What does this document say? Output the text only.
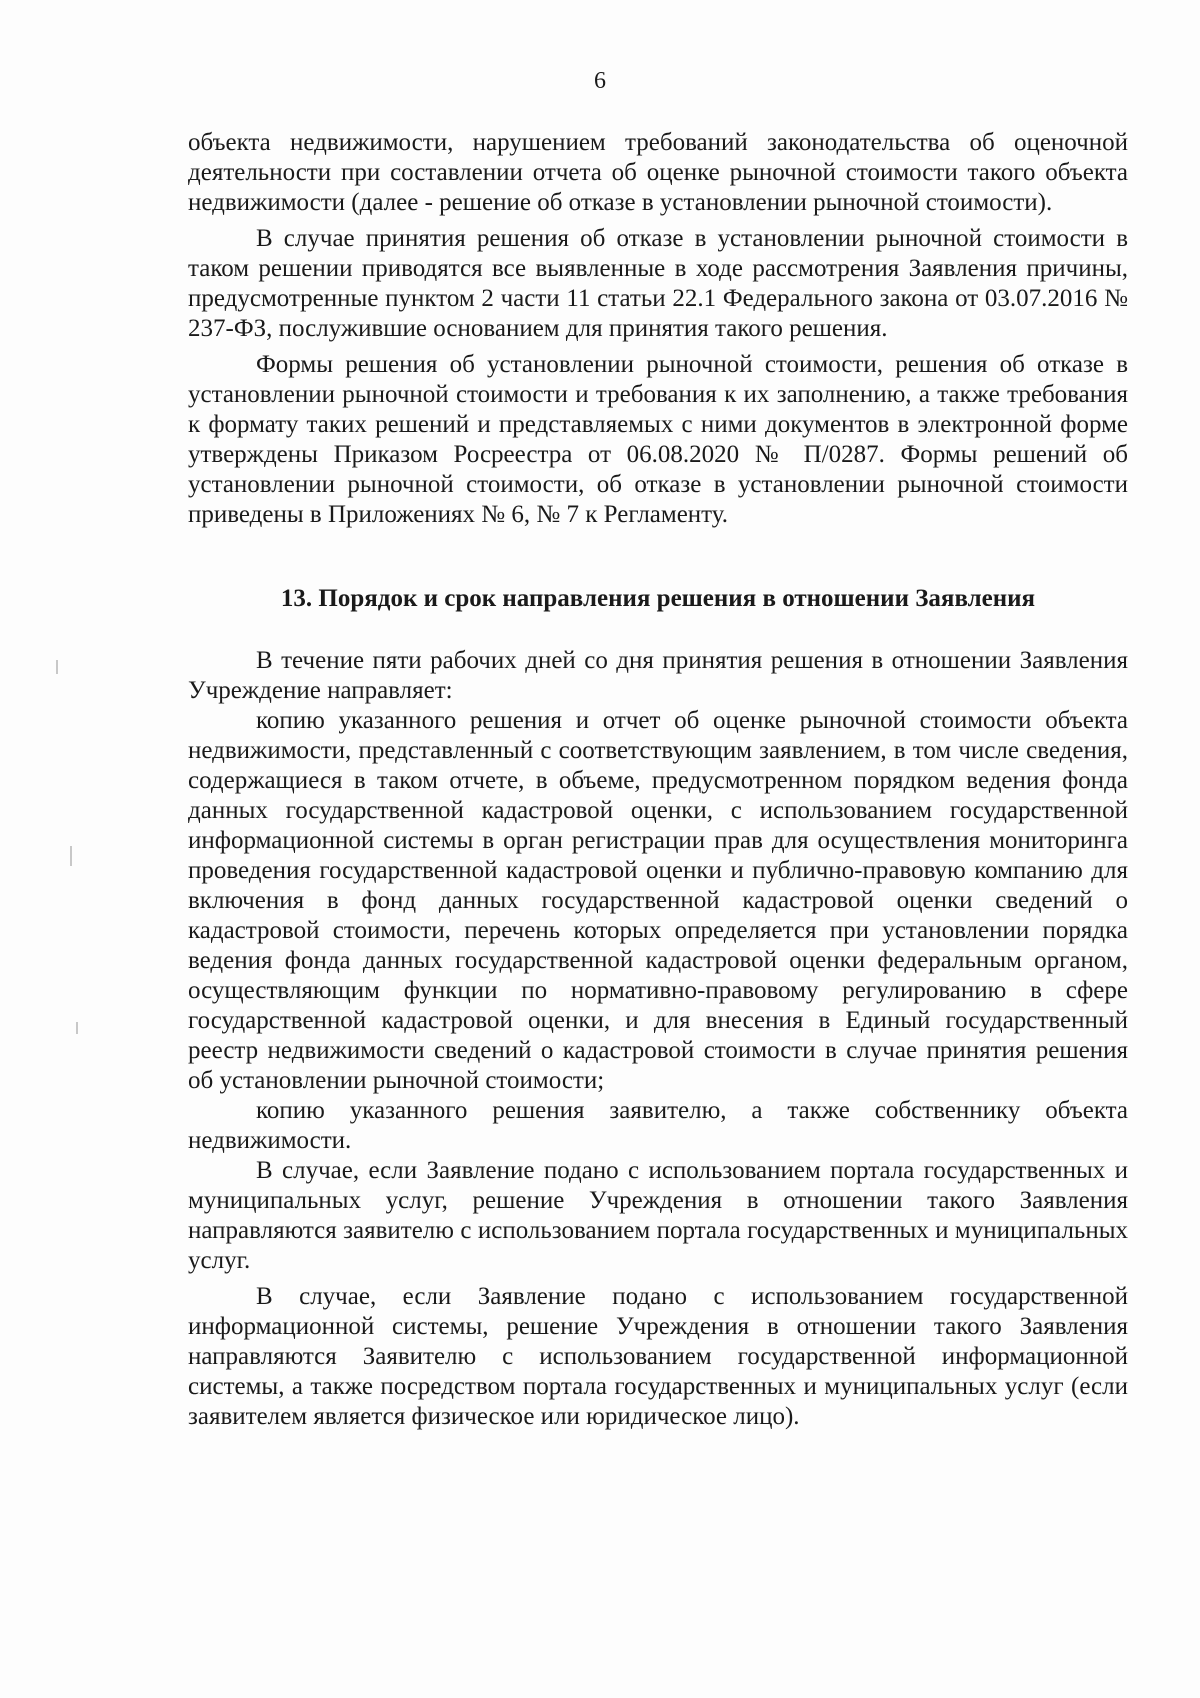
6

объекта недвижимости, нарушением требований законодательства об оценочной деятельности при составлении отчета об оценке рыночной стоимости такого объекта недвижимости (далее - решение об отказе в установлении рыночной стоимости).

В случае принятия решения об отказе в установлении рыночной стоимости в таком решении приводятся все выявленные в ходе рассмотрения Заявления причины, предусмотренные пунктом 2 части 11 статьи 22.1 Федерального закона от 03.07.2016 № 237-ФЗ, послужившие основанием для принятия такого решения.

Формы решения об установлении рыночной стоимости, решения об отказе в установлении рыночной стоимости и требования к их заполнению, а также требования к формату таких решений и представляемых с ними документов в электронной форме утверждены Приказом Росреестра от 06.08.2020 № П/0287. Формы решений об установлении рыночной стоимости, об отказе в установлении рыночной стоимости приведены в Приложениях № 6, № 7 к Регламенту.

13. Порядок и срок направления решения в отношении Заявления

В течение пяти рабочих дней со дня принятия решения в отношении Заявления Учреждение направляет:

копию указанного решения и отчет об оценке рыночной стоимости объекта недвижимости, представленный с соответствующим заявлением, в том числе сведения, содержащиеся в таком отчете, в объеме, предусмотренном порядком ведения фонда данных государственной кадастровой оценки, с использованием государственной информационной системы в орган регистрации прав для осуществления мониторинга проведения государственной кадастровой оценки и публично-правовую компанию для включения в фонд данных государственной кадастровой оценки сведений о кадастровой стоимости, перечень которых определяется при установлении порядка ведения фонда данных государственной кадастровой оценки федеральным органом, осуществляющим функции по нормативно-правовому регулированию в сфере государственной кадастровой оценки, и для внесения в Единый государственный реестр недвижимости сведений о кадастровой стоимости в случае принятия решения об установлении рыночной стоимости;

копию указанного решения заявителю, а также собственнику объекта недвижимости.

В случае, если Заявление подано с использованием портала государственных и муниципальных услуг, решение Учреждения в отношении такого Заявления направляются заявителю с использованием портала государственных и муниципальных услуг.

В случае, если Заявление подано с использованием государственной информационной системы, решение Учреждения в отношении такого Заявления направляются Заявителю с использованием государственной информационной системы, а также посредством портала государственных и муниципальных услуг (если заявителем является физическое или юридическое лицо).
